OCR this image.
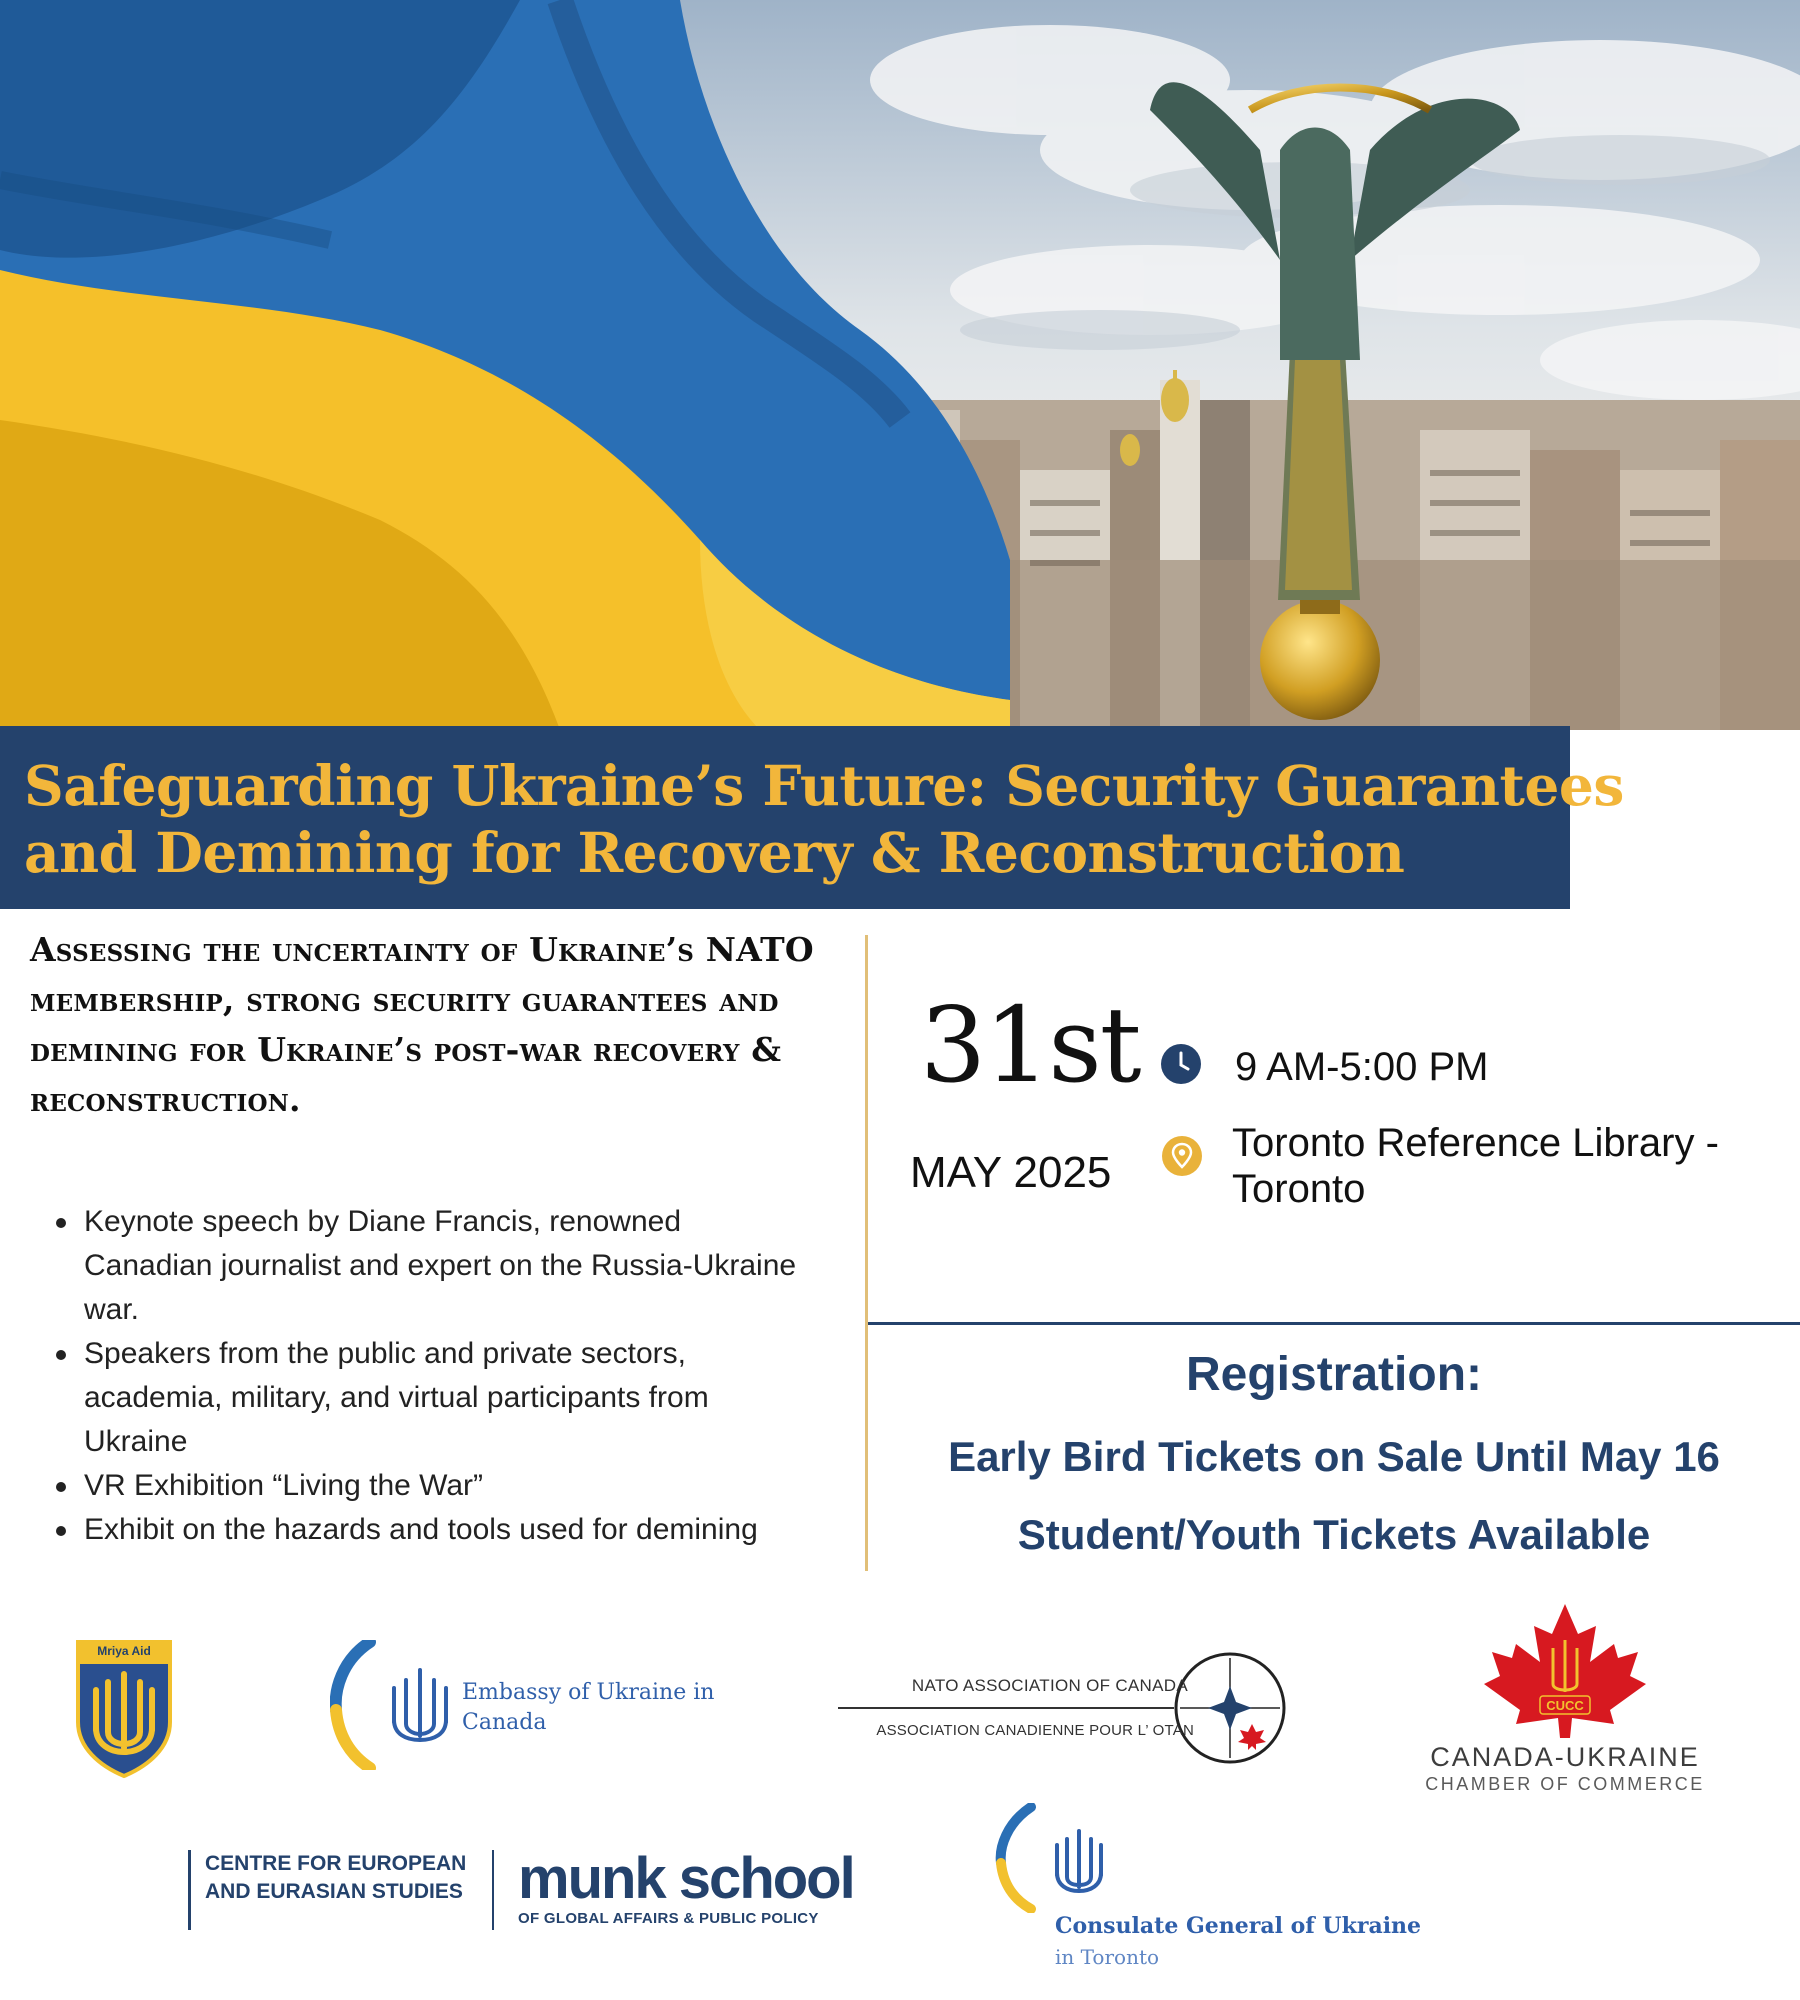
Safeguarding Ukraine’s Future: Security Guarantees
and Demining for Recovery & Reconstruction
Assessing the uncertainty of Ukraine’s NATO membership, strong security guarantees and demining for Ukraine’s post-war recovery & reconstruction.
Keynote speech by Diane Francis, renowned Canadian journalist and expert on the Russia-Ukraine war.
Speakers from the public and private sectors, academia, military, and virtual participants from Ukraine
VR Exhibition “Living the War”
Exhibit on the hazards and tools used for demining
31st
MAY 2025
9 AM-5:00 PM
Toronto Reference Library - Toronto
Registration:
Early Bird Tickets on Sale Until May 16
Student/Youth Tickets Available
Mriya Aid
Embassy of Ukraine in Canada
NATO ASSOCIATION OF CANADA
ASSOCIATION CANADIENNE POUR L’ OTAN
CUCC
CANADA-UKRAINE
CHAMBER OF COMMERCE
CENTRE FOR EUROPEAN AND EURASIAN STUDIES munk school
OF GLOBAL AFFAIRS & PUBLIC POLICY	Consulate General of Ukraine
in Toronto
